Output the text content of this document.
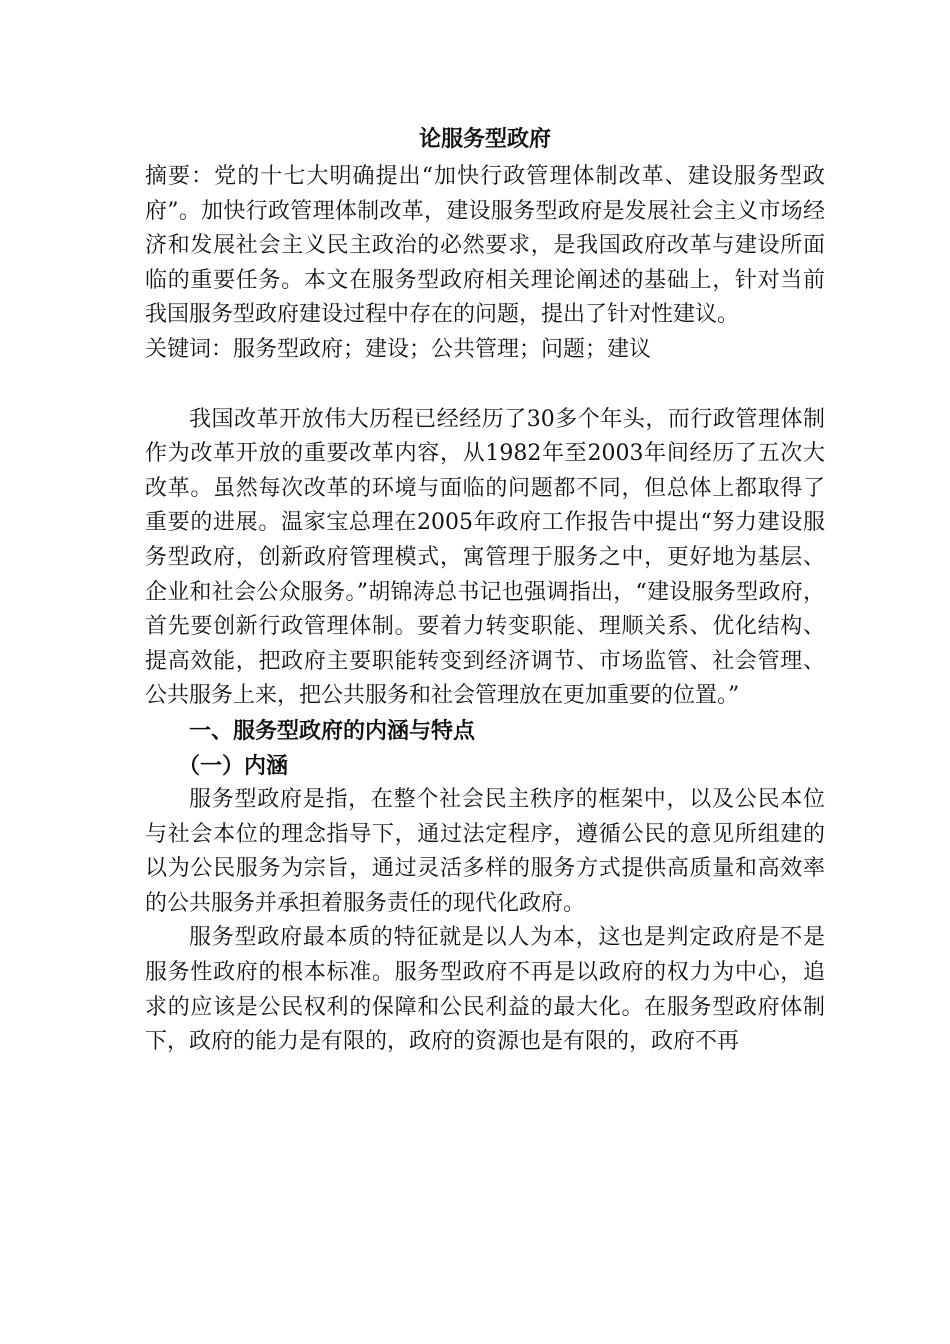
论服务型政府

摘要：党的十七大明确提出“加快行政管理体制改革、建设服务型政府”。加快行政管理体制改革，建设服务型政府是发展社会主义市场经济和发展社会主义民主政治的必然要求，是我国政府改革与建设所面临的重要任务。本文在服务型政府相关理论阐述的基础上，针对当前我国服务型政府建设过程中存在的问题，提出了针对性建议。

关键词：服务型政府；建设；公共管理；问题；建议

我国改革开放伟大历程已经经历了30多个年头，而行政管理体制作为改革开放的重要改革内容，从1982年至2003年间经历了五次大改革。虽然每次改革的环境与面临的问题都不同，但总体上都取得了重要的进展。温家宝总理在2005年政府工作报告中提出“努力建设服务型政府，创新政府管理模式，寓管理于服务之中，更好地为基层、企业和社会公众服务。”胡锦涛总书记也强调指出，“建设服务型政府，首先要创新行政管理体制。要着力转变职能、理顺关系、优化结构、提高效能，把政府主要职能转变到经济调节、市场监管、社会管理、公共服务上来，把公共服务和社会管理放在更加重要的位置。”

一、服务型政府的内涵与特点

（一）内涵

服务型政府是指，在整个社会民主秩序的框架中，以及公民本位与社会本位的理念指导下，通过法定程序，遵循公民的意见所组建的以为公民服务为宗旨，通过灵活多样的服务方式提供高质量和高效率的公共服务并承担着服务责任的现代化政府。

服务型政府最本质的特征就是以人为本，这也是判定政府是不是服务性政府的根本标准。服务型政府不再是以政府的权力为中心，追求的应该是公民权利的保障和公民利益的最大化。在服务型政府体制下，政府的能力是有限的，政府的资源也是有限的，政府不再
